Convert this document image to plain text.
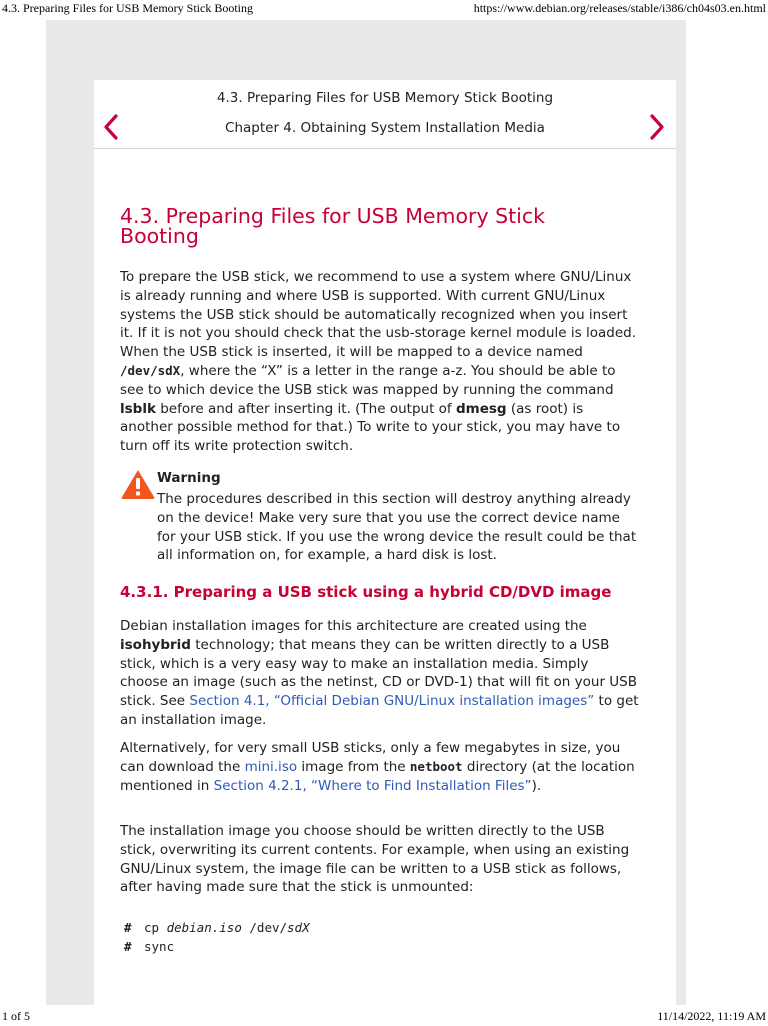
4.3. Preparing Files for USB Memory Stick Booting	https://www.debian.org/releases/stable/i386/ch04s03.en.html
4.3. Preparing Files for USB Memory Stick Booting
Chapter 4. Obtaining System Installation Media
4.3. Preparing Files for USB Memory Stick
Booting

To prepare the USB stick, we recommend to use a system where GNU/Linux is already running and where USB is supported. With current GNU/Linux systems the USB stick should be automatically recognized when you insert it. If it is not you should check that the usb-storage kernel module is loaded. When the USB stick is inserted, it will be mapped to a device named /dev/sdX, where the “X” is a letter in the range a-z. You should be able to see to which device the USB stick was mapped by running the command lsblk before and after inserting it. (The output of dmesg (as root) is another possible method for that.) To write to your stick, you may have to turn off its write protection switch.

Warning
The procedures described in this section will destroy anything already on the device! Make very sure that you use the correct device name for your USB stick. If you use the wrong device the result could be that all information on, for example, a hard disk is lost.
4.3.1. Preparing a USB stick using a hybrid CD/DVD image

Debian installation images for this architecture are created using the isohybrid technology; that means they can be written directly to a USB stick, which is a very easy way to make an installation media. Simply choose an image (such as the netinst, CD or DVD-1) that will fit on your USB stick. See Section 4.1, “Official Debian GNU/Linux installation images” to get an installation image.

Alternatively, for very small USB sticks, only a few megabytes in size, you can download the mini.iso image from the netboot directory (at the location mentioned in Section 4.2.1, “Where to Find Installation Files”).

The installation image you choose should be written directly to the USB stick, overwriting its current contents. For example, when using an existing GNU/Linux system, the image file can be written to a USB stick as follows, after having made sure that the stick is unmounted:

# cp debian.iso /dev/sdX
# sync
1 of 5	11/14/2022, 11:19 AM
